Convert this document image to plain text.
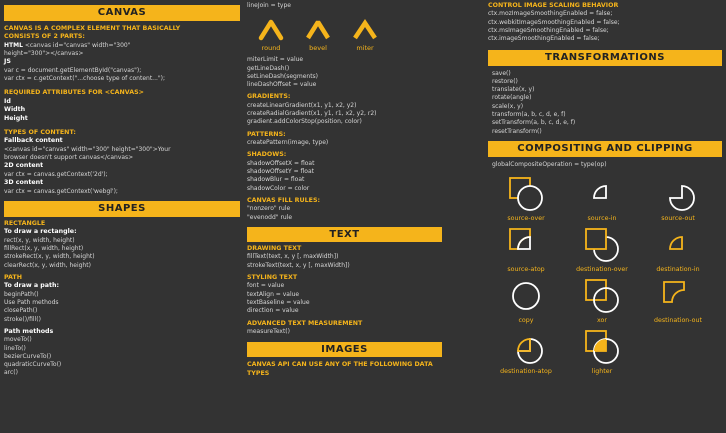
CANVAS
CANVAS IS A COMPLEX ELEMENT THAT BASICALLY
CONSISTS OF 2 PARTS:
HTML <canvas id="canvas" width="300"
height="300"></canvas>
JS
var c = document.getElementById("canvas");
var ctx = c.getContext("...choose type of content...");
REQUIRED ATTRIBUTES FOR <CANVAS>
Id
Width
Height
TYPES OF CONTENT:
Fallback content
<canvas id="canvas" width="300" height="300">Your
browser doesn't support canvas</canvas>
2D content
var ctx = canvas.getContext('2d');
3D content
var ctx = canvas.getContext('webgl');
SHAPES
RECTANGLE
To draw a rectangle:
rect(x, y, width, height)
fillRect(x, y, width, height)
strokeRect(x, y, width, height)
clearRect(x, y, width, height)
PATH
To draw a path:
beginPath()
Use Path methods
closePath()
stroke()/fill()
Path methods
moveTo()
lineTo()
bezierCurveTo()
quadraticCurveTo()
arc()
lineJoin = type
round	bevel	miter
miterLimit = value
getLineDash()
setLineDash(segments)
lineDashOffset = value
GRADIENTS:
createLinearGradient(x1, y1, x2, y2)
createRadialGradient(x1, y1, r1, x2, y2, r2)
gradient.addColorStop(position, color)
PATTERNS:
createPattern(image, type)
SHADOWS:
shadowOffsetX = float
shadowOffsetY = float
shadowBlur = float
shadowColor = color
CANVAS FILL RULES:
"nonzero" rule
"evenodd" rule
TEXT
DRAWING TEXT
fillText(text, x, y [, maxWidth])
strokeText(text, x, y [, maxWidth])
STYLING TEXT
font = value
textAlign = value
textBaseline = value
direction = value
ADVANCED TEXT MEASUREMENT
measureText()
IMAGES
CANVAS API CAN USE ANY OF THE FOLLOWING DATA
TYPES
CONTROL IMAGE SCALING BEHAVIOR
ctx.mozImageSmoothingEnabled = false;
ctx.webkitImageSmoothingEnabled = false;
ctx.msImageSmoothingEnabled = false;
ctx.imageSmoothingEnabled = false;
TRANSFORMATIONS
save()
restore()
translate(x, y)
rotate(angle)
scale(x, y)
transform(a, b, c, d, e, f)
setTransform(a, b, c, d, e, f)
resetTransform()
COMPOSITING AND CLIPPING
globalCompositeOperation = type(op)
source-over	source-in	source-out
source-atop	destination-over	destination-in
copy	xor	destination-out
destination-atop	lighter
